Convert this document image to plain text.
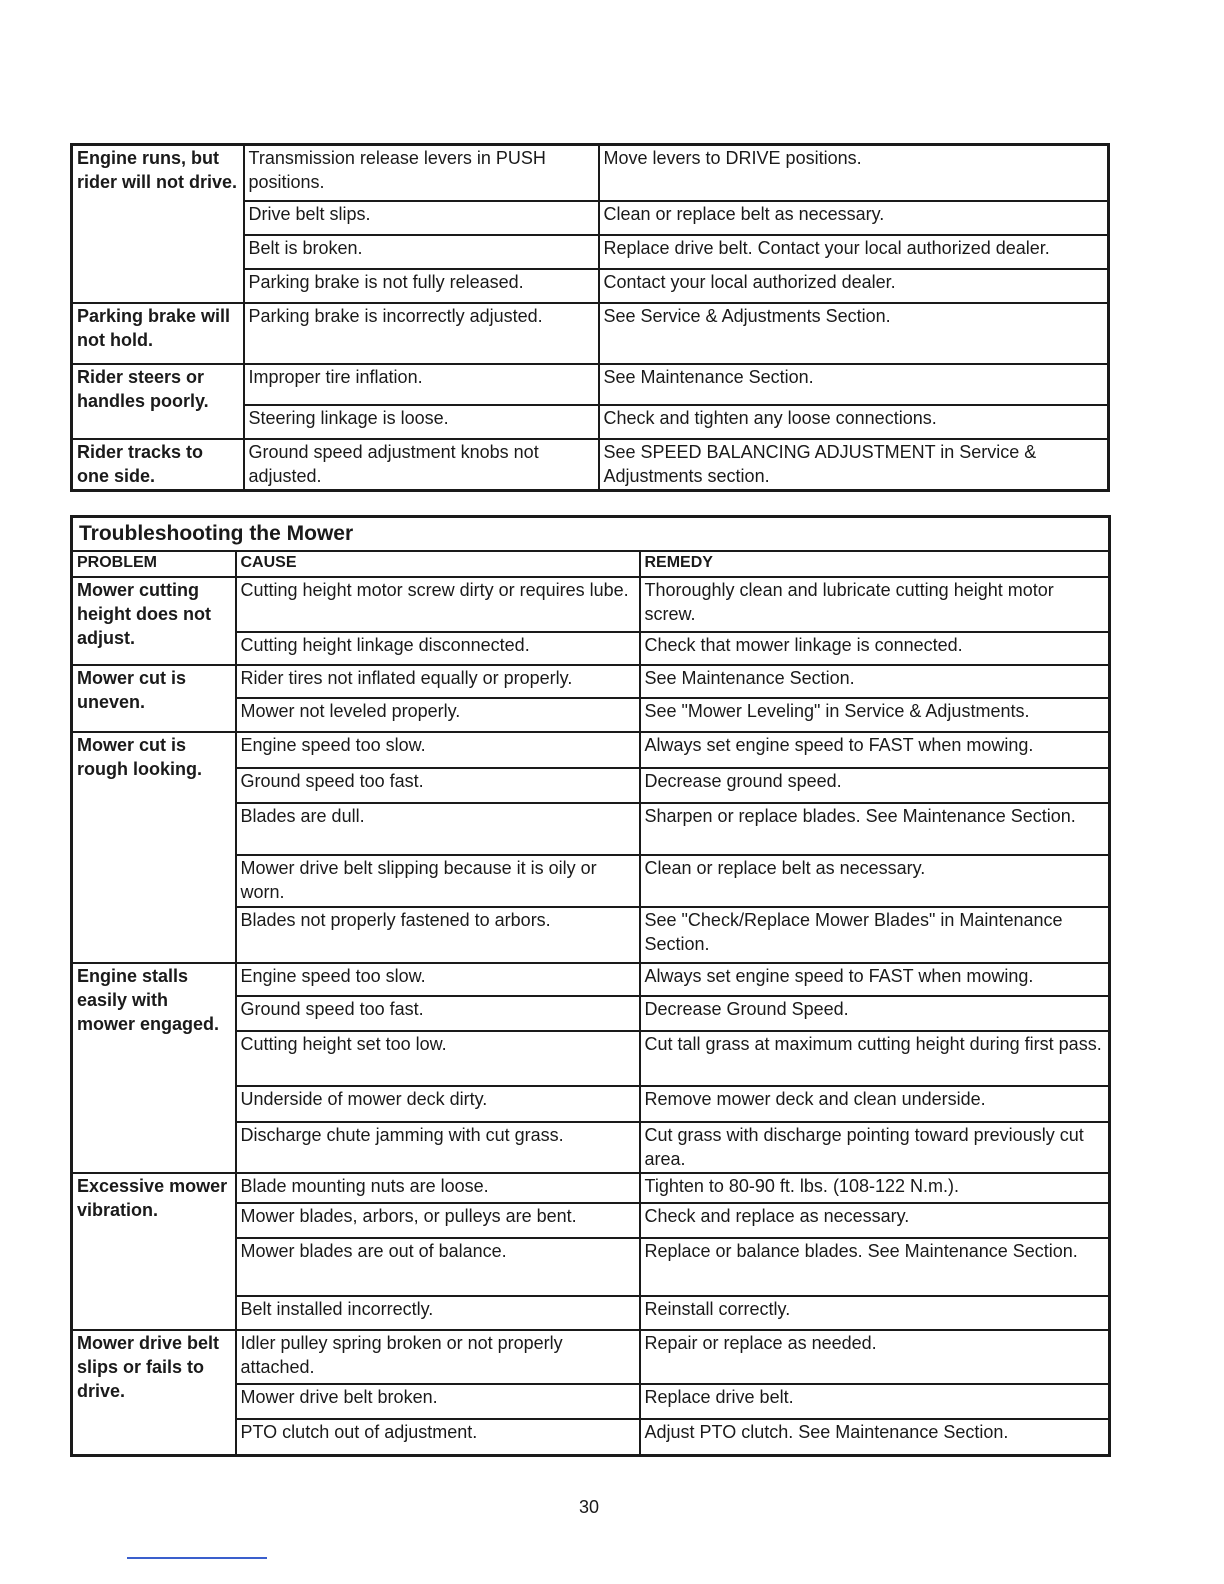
Engine runs, but rider will not drive.	Transmission release levers in PUSH positions.	Move levers to DRIVE positions.
	Drive belt slips.	Clean or replace belt as necessary.
	Belt is broken.	Replace drive belt. Contact your local authorized dealer.
	Parking brake is not fully released.	Contact your local authorized dealer.
Parking brake will not hold.	Parking brake is incorrectly adjusted.	See Service & Adjustments Section.
Rider steers or handles poorly.	Improper tire inflation.	See Maintenance Section.
	Steering linkage is loose.	Check and tighten any loose connections.
Rider tracks to one side.	Ground speed adjustment knobs not adjusted.	See SPEED BALANCING ADJUSTMENT in Service & Adjustments section.
Troubleshooting the Mower		
PROBLEM	CAUSE	REMEDY
Mower cutting height does not adjust.	Cutting height motor screw dirty or requires lube.	Thoroughly clean and lubricate cutting height motor screw.
	Cutting height linkage disconnected.	Check that mower linkage is connected.
Mower cut is uneven.	Rider tires not inflated equally or properly.	See Maintenance Section.
	Mower not leveled properly.	See "Mower Leveling" in Service & Adjustments.
Mower cut is rough looking.	Engine speed too slow.	Always set engine speed to FAST when mowing.
	Ground speed too fast.	Decrease ground speed.
	Blades are dull.	Sharpen or replace blades. See Maintenance Section.
	Mower drive belt slipping because it is oily or worn.	Clean or replace belt as necessary.
	Blades not properly fastened to arbors.	See "Check/Replace Mower Blades" in Maintenance Section.
Engine stalls easily with mower engaged.	Engine speed too slow.	Always set engine speed to FAST when mowing.
	Ground speed too fast.	Decrease Ground Speed.
	Cutting height set too low.	Cut tall grass at maximum cutting height during first pass.
	Underside of mower deck dirty.	Remove mower deck and clean underside.
	Discharge chute jamming with cut grass.	Cut grass with discharge pointing toward previously cut area.
Excessive mower vibration.	Blade mounting nuts are loose.	Tighten to 80-90 ft. lbs. (108-122 N.m.).
	Mower blades, arbors, or pulleys are bent.	Check and replace as necessary.
	Mower blades are out of balance.	Replace or balance blades. See Maintenance Section.
	Belt installed incorrectly.	Reinstall correctly.
Mower drive belt slips or fails to drive.	Idler pulley spring broken or not properly attached.	Repair or replace as needed.
	Mower drive belt broken.	Replace drive belt.
	PTO clutch out of adjustment.	Adjust PTO clutch. See Maintenance Section.
30
